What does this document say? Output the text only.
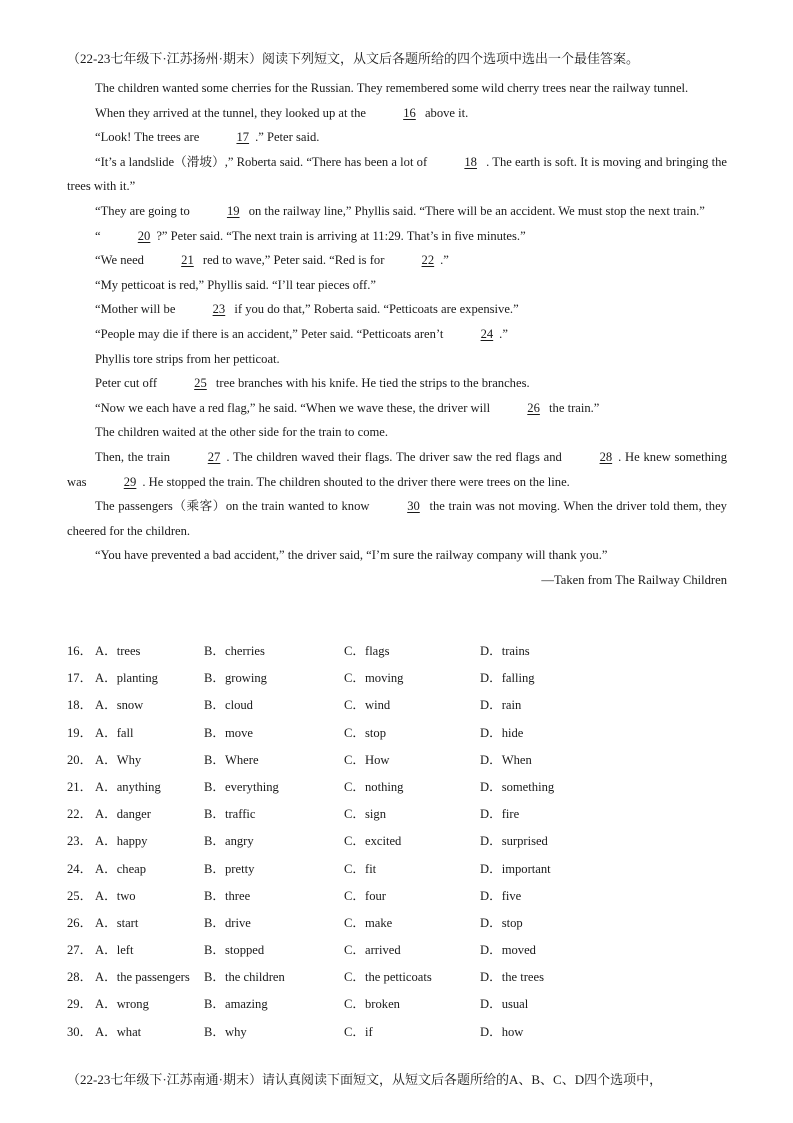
（22-23七年级下·江苏扬州·期末）阅读下列短文，从文后各题所给的四个选项中选出一个最佳答案。

The children wanted some cherries for the Russian. They remembered some wild cherry trees near the railway tunnel.

When they arrived at the tunnel, they looked up at the	16 above it.

“Look! The trees are	17 .” Peter said.

“It’s a landslide（滑坡）,” Roberta said. “There has been a lot of	18 . The earth is soft. It is moving and bringing the trees with it.”

“They are going to	19 on the railway line,” Phyllis said. “There will be an accident. We must stop the next train.”

“	20 ?” Peter said. “The next train is arriving at 11:29. That’s in five minutes.”

“We need	21 red to wave,” Peter said. “Red is for	22 .”

“My petticoat is red,” Phyllis said. “I’ll tear pieces off.”

“Mother will be	23 if you do that,” Roberta said. “Petticoats are expensive.”

“People may die if there is an accident,” Peter said. “Petticoats aren’t	24 .”

Phyllis tore strips from her petticoat.

Peter cut off	25 tree branches with his knife. He tied the strips to the branches.

“Now we each have a red flag,” he said. “When we wave these, the driver will	26 the train.”

The children waited at the other side for the train to come.

Then, the train	27 . The children waved their flags. The driver saw the red flags and	28 . He knew something was	29 . He stopped the train. The children shouted to the driver there were trees on the line.

The passengers（乘客）on the train wanted to know	30 the train was not moving. When the driver told them, they cheered for the children.

“You have prevented a bad accident,” the driver said, “I’m sure the railway company will thank you.”

—Taken from The Railway Children

16． A．trees	B．cherries	C．flags	D．trains
17． A．planting	B．growing	C．moving	D．falling
18． A．snow	B．cloud	C．wind	D．rain
19． A．fall	B．move	C．stop	D．hide
20． A．Why	B．Where	C．How	D．When
21． A．anything	B．everything	C．nothing	D．something
22． A．danger	B．traffic	C．sign	D．fire
23． A．happy	B．angry	C．excited	D．surprised
24． A．cheap	B．pretty	C．fit	D．important
25． A．two	B．three	C．four	D．five
26． A．start	B．drive	C．make	D．stop
27． A．left	B．stopped	C．arrived	D．moved
28． A．the passengers B．the children	C．the petticoats	D．the trees
29． A．wrong	B．amazing	C．broken	D．usual
30． A．what	B．why	C．if	D．how
（22-23七年级下·江苏南通·期末）请认真阅读下面短文，从短文后各题所给的A、B、C、D四个选项中，
